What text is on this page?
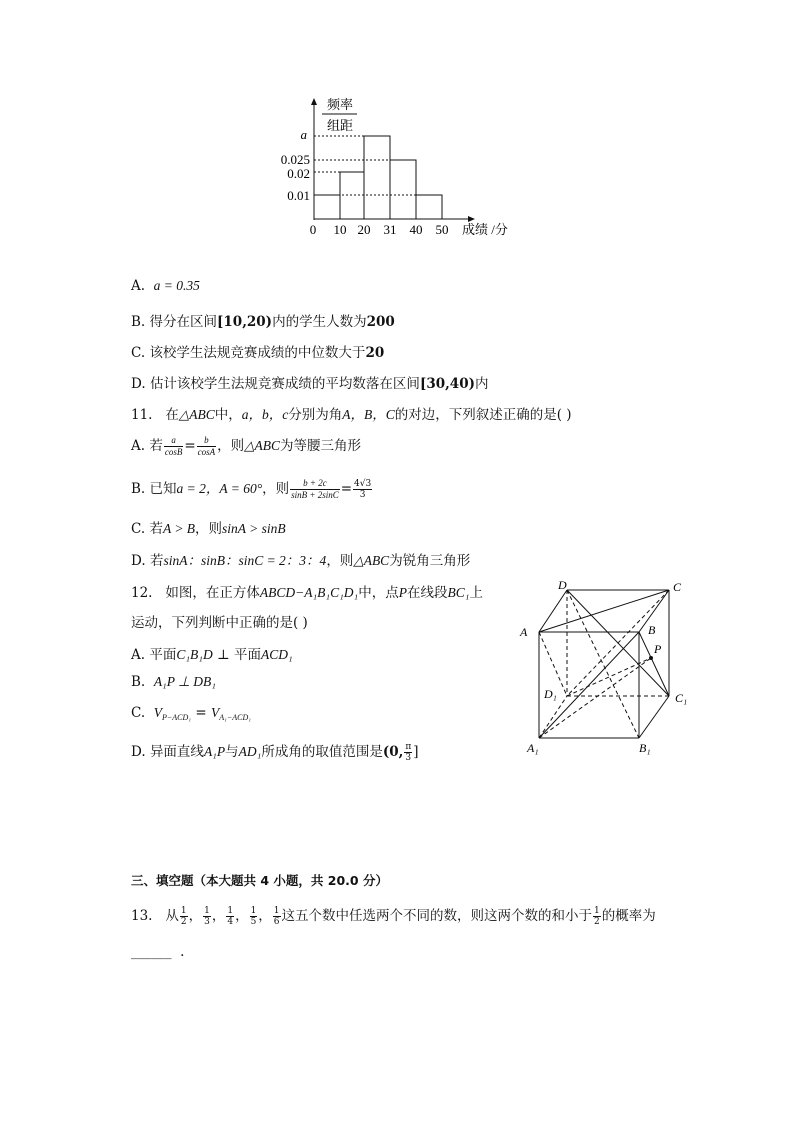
频率
组距
a
0.025
0.02
0.01
0 10 20 31 40 50 成绩 /分
A. a = 0.35
B. 得分在区间[10,20)内的学生人数为200
C. 该校学生法规竞赛成绩的中位数大于20
D. 估计该校学生法规竞赛成绩的平均数落在区间[30,40)内
11. 在△ABC中，a，b，c分别为角A，B，C的对边，下列叙述正确的是( )
A. 若 $\frac{a}{\cos B} = \frac{b}{\cos A}$ ，则△ABC为等腰三角形
B. 已知a = 2，A = 60°，则 $\frac{b + 2c}{\sin B + 2\sin C} = \frac{4√3}{3}$
C. 若A > B，则sinA > sinB
D. 若sinA：sinB：sinC = 2：3：4，则△ABC为锐角三角形
12. 如图，在正方体ABCD−A₁B₁C₁D₁中，点P在线段BC₁上
运动，下列判断中正确的是( )
A. 平面C₁B₁D ⊥ 平面ACD₁
B. A₁P ⊥ DB₁
C. $V_{P-ACD_1} = V_{A_1-ACD_1}$
D. 异面直线A₁P与AD₁所成角的取值范围是(0, $\frac{\pi}{3}$ ]
D	C
A	B
P
D₁	C₁
A₁	B₁
三、填空题（本大题共 4 小题，共 20.0 分）
13. 从 $\frac{1}{2}$ ， $\frac{1}{3}$ ， $\frac{1}{4}$ ， $\frac{1}{5}$ ， $\frac{1}{6}$ 这五个数中任选两个不同的数，则这两个数的和小于 $\frac{1}{2}$ 的概率为
______ .
